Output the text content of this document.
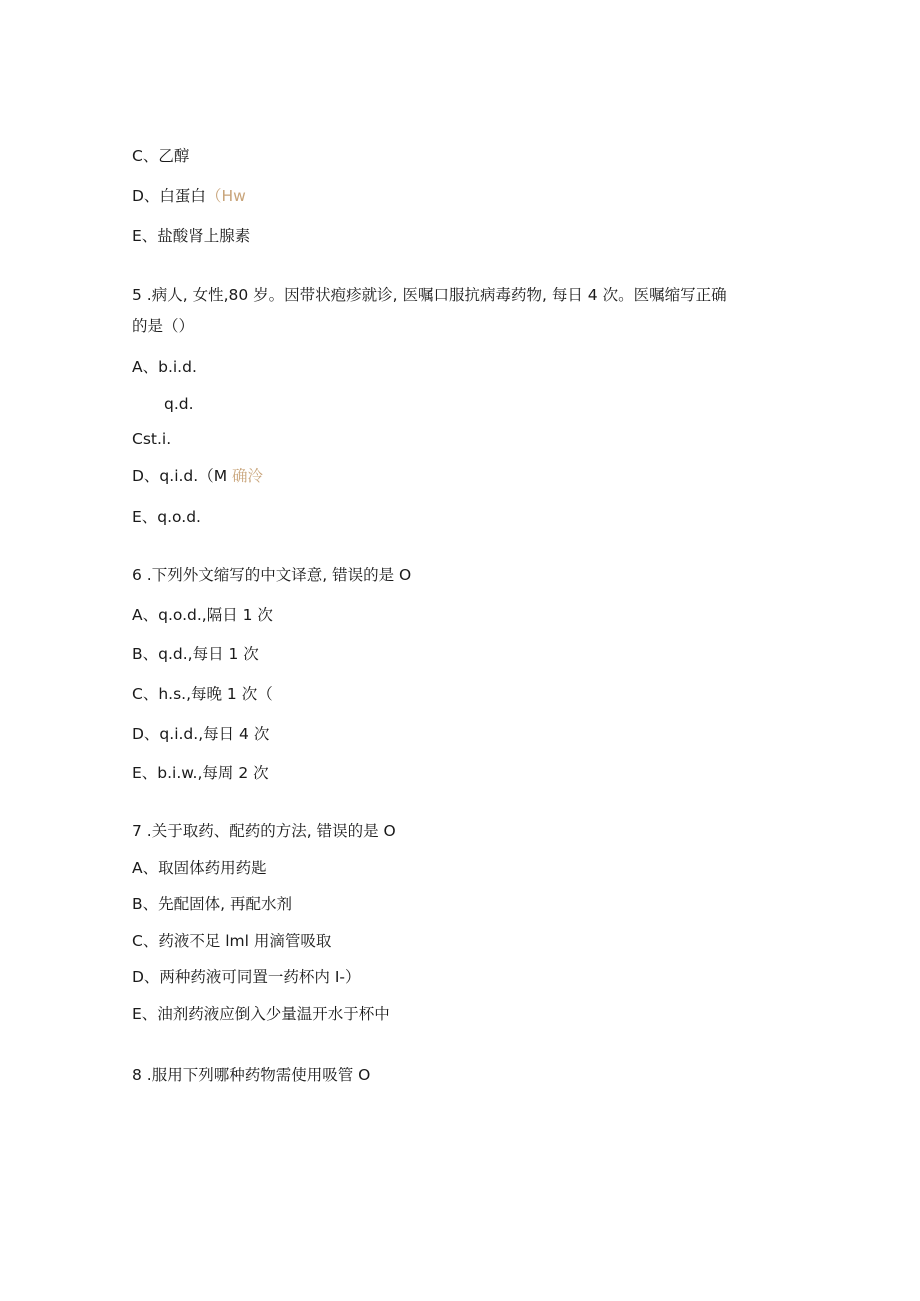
C、乙醇
D、白蛋白（Hw
E、盐酸肾上腺素
5 .病人, 女性,80 岁。因带状疱疹就诊, 医嘱口服抗病毒药物, 每日 4 次。医嘱缩写正确
的是（）
A、b.i.d.
q.d.
Cst.i.
D、q.i.d.（M 确泠
E、q.o.d.
6 .下列外文缩写的中文译意, 错误的是 O
A、q.o.d.,隔日 1 次
B、q.d.,每日 1 次
C、h.s.,每晚 1 次（
D、q.i.d.,每日 4 次
E、b.i.w.,每周 2 次
7 .关于取药、配药的方法, 错误的是 O
A、取固体药用药匙
B、先配固体, 再配水剂
C、药液不足 lml 用滴管吸取
D、两种药液可同置一药杯内 I-）
E、油剂药液应倒入少量温开水于杯中
8 .服用下列哪种药物需使用吸管 O
